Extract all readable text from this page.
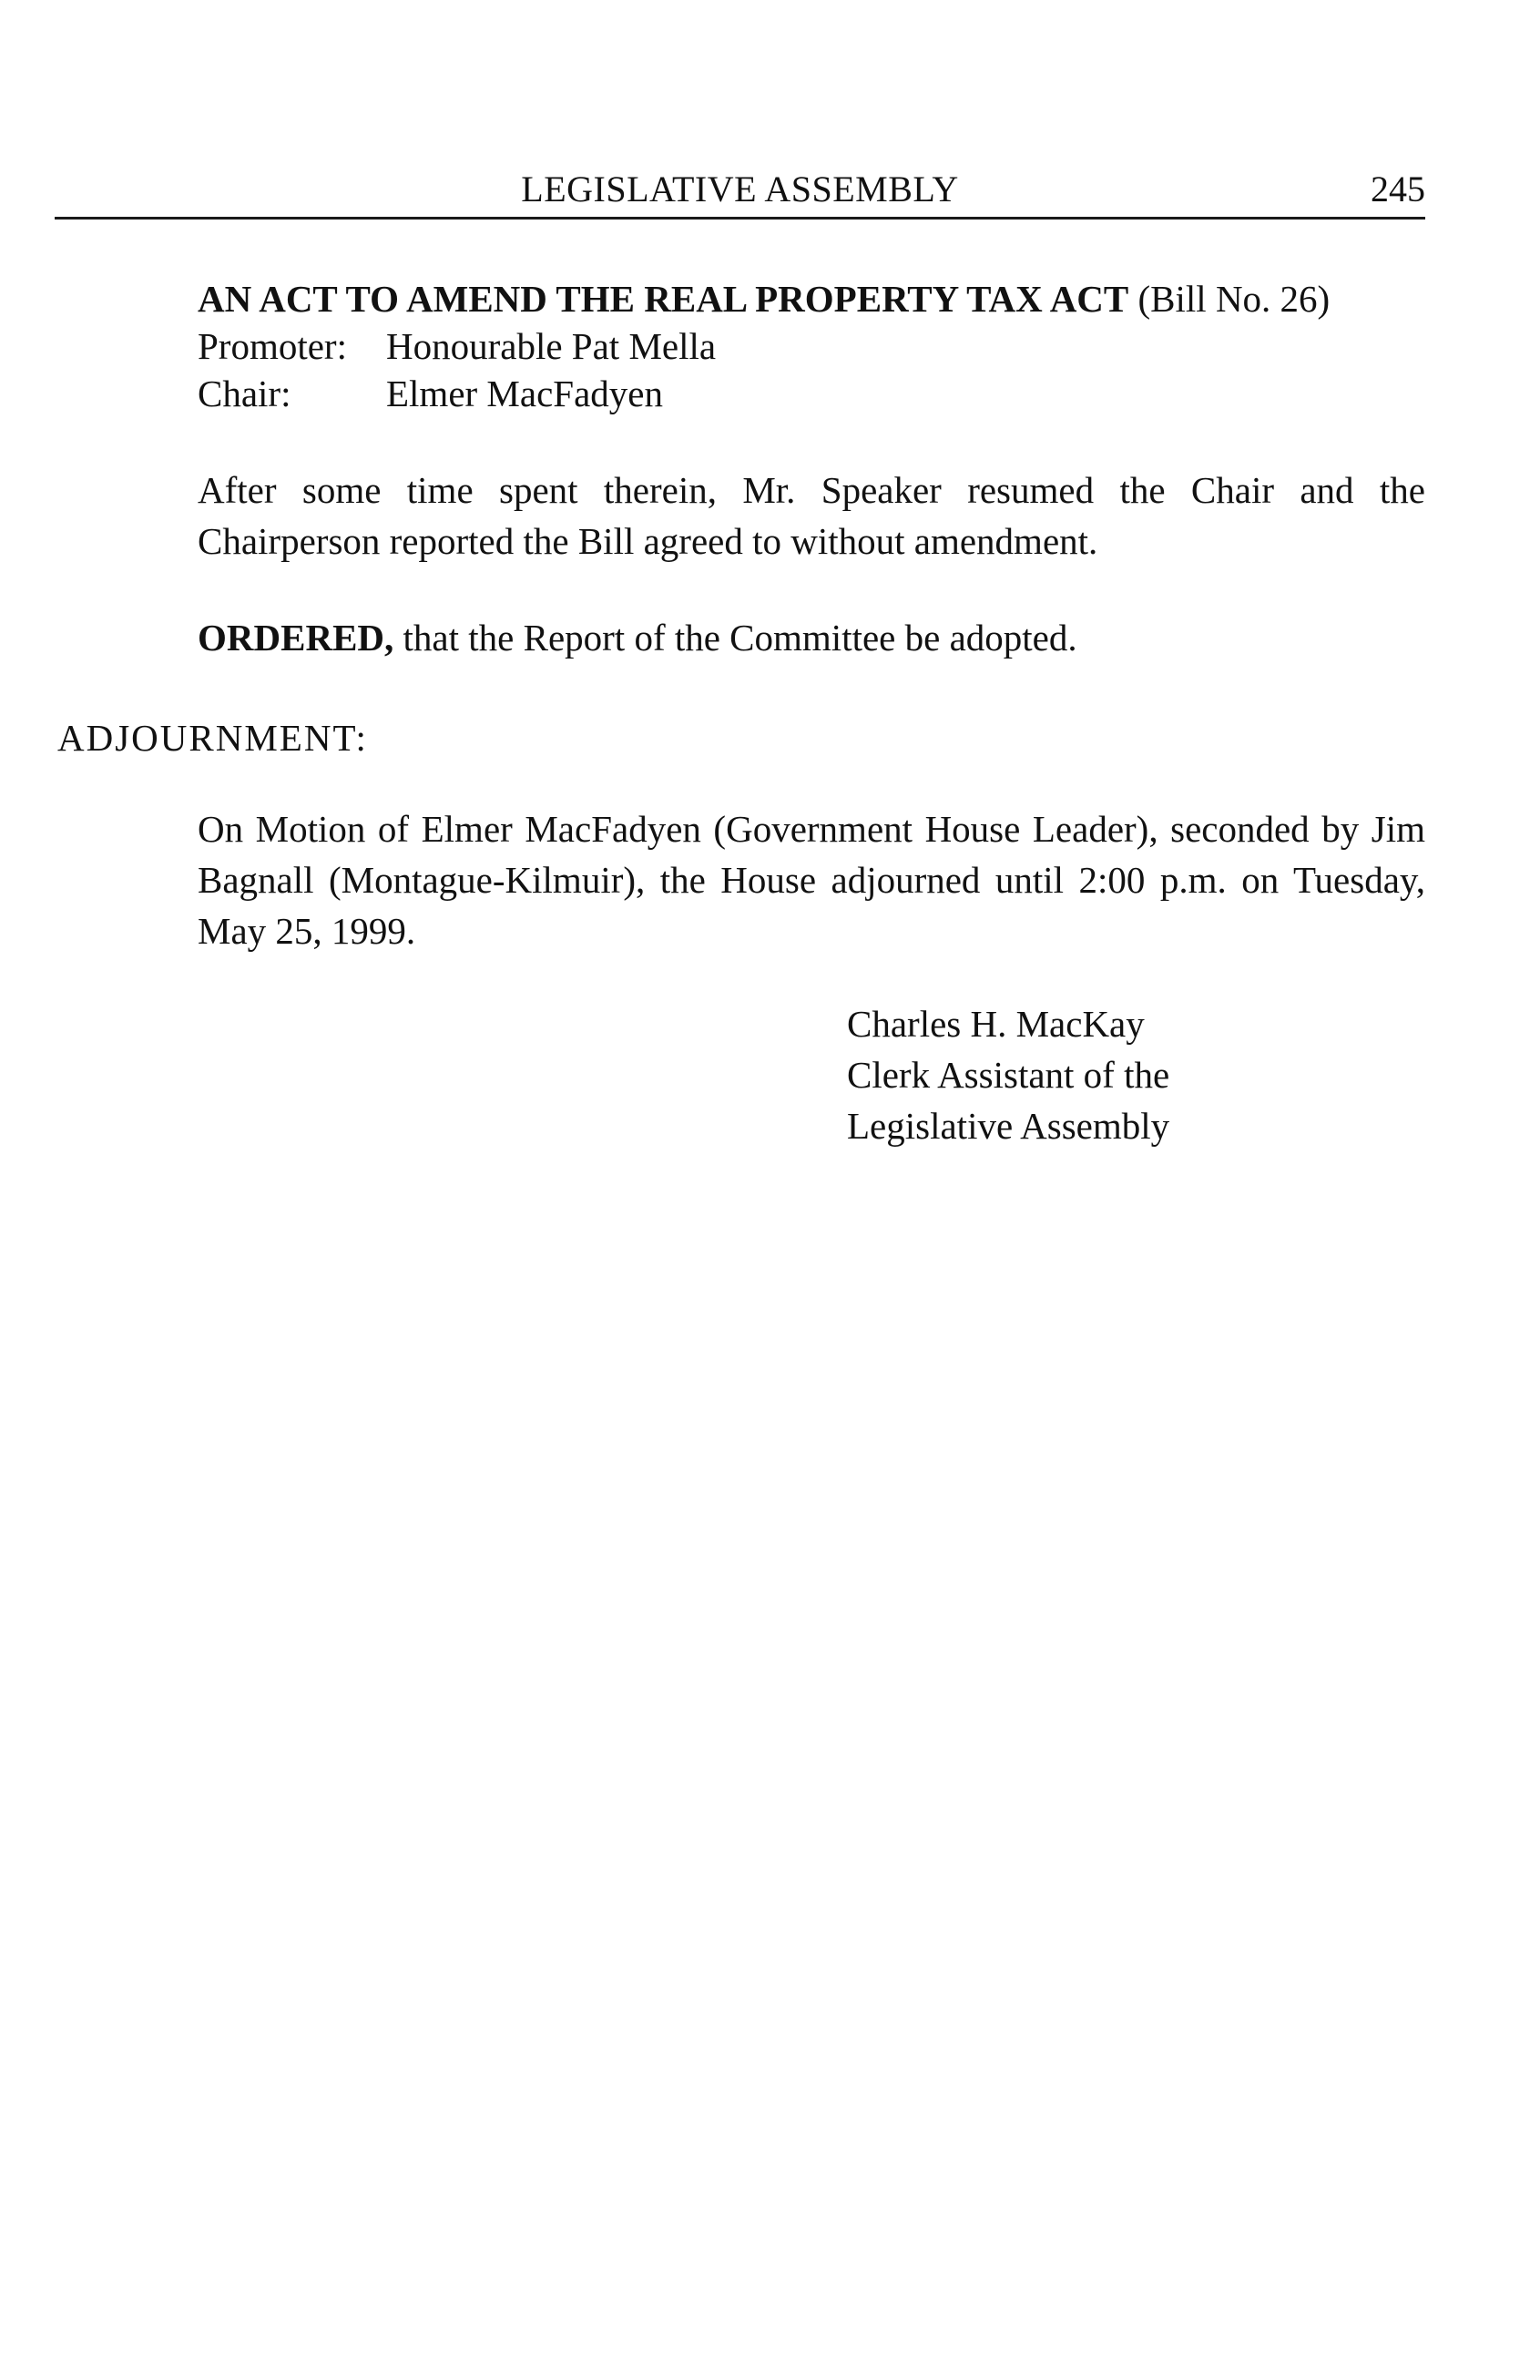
LEGISLATIVE ASSEMBLY	245
AN ACT TO AMEND THE REAL PROPERTY TAX ACT (Bill No. 26)
Promoter: Honourable Pat Mella
Chair:	Elmer MacFadyen
After some time spent therein, Mr. Speaker resumed the Chair and the Chairperson reported the Bill agreed to without amendment.
ORDERED, that the Report of the Committee be adopted.
ADJOURNMENT:
On Motion of Elmer MacFadyen (Government House Leader), seconded by Jim Bagnall (Montague-Kilmuir), the House adjourned until 2:00 p.m. on Tuesday, May 25, 1999.
Charles H. MacKay
Clerk Assistant of the
Legislative Assembly
